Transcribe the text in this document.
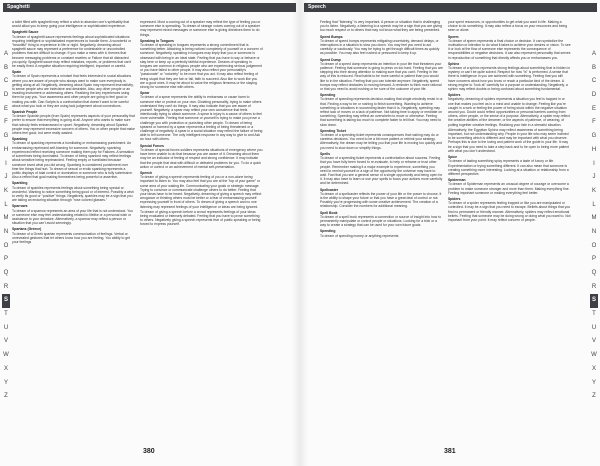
Spaghetti
a toilet filled with spaghetti may reflect a wish to abandon one's spirituality that would allow you to keep going your intelligence or sophisticated experience.
Spaghetti Sauce
To dream of spaghetti sauce represents feelings about sophisticated situations requiring intelligent or sophisticated experiences to handle them. A wonderful or "beautiful" thing to experience in life or night. Negatively, dreaming about spaghetti sauce may represent a preference for undesirable or uncontrolled problems that are difficult to change. If you make a mess with it, themes that become messaging problems or constant rewrites or Failure that sit distracted you quirly. Spaghetti sauce may reflect mistakes, reports, or problems that can't be easily fixed. A negative situation requiring intelligent, important or careful.
Spain
To dream of Spain represents a mindset that feels interested in social situations where you are aware of people who always want to make sure everybody is getting along at all. Negatively, dreaming about Spain may represent insensitivity, to sense people who are indecisive and desirable, Also, any other people or an invading instrument or addressing others. Realizing the key experiences using them for pay you. Your awareness and other people are going to feel good or making you with. Dan Scripts is a confrontation that doesn't want to be careful about what you look or they are using lack judgement about connections.
Spanish People
To dream Spanish people (from Spain) represents aspects of your personality that prefer to ensure that everything is going at all. Anyone who wants to make sure that nobody feels embarrassed or upset. Negatively, dreaming about Spanish people may represent excessive concern of others. You or other people that make others feel good, but were really wasted.
Spanking
To dream of spanking represents a humiliating or embarrassing punishment. An embarrassing reprimand self-blaming for someone. Negatively, spanking experienced reflect receiving someone making them pay for Failures. A sensation of sometimes being dominated. To dream of being spanked may reflect feelings about sensitive being reprimanded. Feeling empty or humiliated because someone loved what you did wrong. Spanking is considered punishment over time the things that hurt. To dream of sexual or erotic spanking represents a public displays of total control or domination or someone who is fully submissive. Also a reflect that goal making themselves being powerful or assertive.
Sparkling
To dream of sparkles represents feelings about something being special or wonderful. Wanting to notice something being good or of interest. Possibly a wish to verify its good or "positive" things. Negatively, sparkles may be a sign that you are taking an enduring situation through "rose colored glasses."
Sparrows
To dream of a sparrow represents an area of your life that is not understood. You or someone else may feel understanding related to lifelike or a personal wish or assistance to your denature. Alternatively, a sparrow may reflect a person or situation that you can't avoid seemingly.
Spartans (Greece)
To dream of a Greek spartan represents communication of feelings. Verbal or unrevealed gestures that let others know how you are feeling. You ability to get your feelings
expressed. Most a coming out of a speaker may reflect the type of feeling you or someone else is spreading. To dream of strange voices coming out of a speaker may represent mixed messages or someone else is giving directives them to do things.
Speaking In Tongues
To dream of speaking in tongues represents a strong commitment that is something better. Attaching is being noticed completely of yourself or a concern of someone. Negatively, speaking in tongues may imply that you or someone is obsessed with being in an ideal state. Feeling that you have to say or behave or stay here or keep up a perfectly faithful experience. Dreams of speaking in tongues are common in religious people who are experiencing serious judgement or you have failed to other people. It may also reflect your personality's "passionate" or "notoriety" to be more that you act. It may also reflect feeling of being stupid that they are fair or fail, faith to succeed. Also like to work like you are a good ones. It may be about to value the religious firmness or the staying strong for someone else with others.
Spear
To dream of a spear represents the ability to embarrass or cause harm to someone else or protect on your own. Dictating personality, trying to make others understand they can't do things. It may also indicate that you are aware of yourself. Negatively, a spear may reflect your own conscience that feels intentionally trying to attack someone. A spear is injury is a cause of others to feel more vulnerable. Feeling that someone or yourself is trying to make you prove a challenge you with protection or punishing other people. To dream of being speared or harmed by a spear represents a feeling of being threatened or a challenge of negativity. A spear in a social situation may reflect the failure of being able to tell someone. The only intelligent response in any way to give to and Ask an hour with others.
Special Forces
To dream of special forces soldiers represents situations of emergency where you have been unable to do that because you are aware of it. Dreaming about them may be an indicator of feeling of respect and strong confidence. It may indicate that the people that deal with difficult or defeated problems for you. To do a quick action or control or an achievement of mental self-presentation.
Speech
To dream of giving a speech represents feeling of you or a non-alone being important to listen to. You may also feel that you are at the "top of your game" or some area of your waking life. Communicating your goals or strategic message. Trying to convince or communicate challenge others to do better. Feeling that your ideas have to be heard. Negatively, dreaming of giving a speech may reflect arrogance or thinking others must be better or a fear of embarrassing yourself expressing yourself in front of others. To dream of giving a speech and no one listening may represent feelings of your intelligence or ideas are being ignored.
To dream of giving a speech before a crowd represents feelings of your ideas being evaluated or intensely debated. Feeling that you have to prove something to others. Negatively giving a speech represents fear of public speaking or being forced to express yourself.
A
B
C
D
E
F
G
H
I
J
K
L
M
N
O
P
Q
R
S
T
U
V
W
X
Y
Z
380
Speech
Feeling that "listening" is very important. A person or situation that is challenging you to listen. Negatively, a listening to a speech may be a sign that you are giving too much respect or to others that may not know what they are being presented.
Speed Bumps
To dream of speed bumps represents mitigating uncertainty, demand delays, or interruptions in a situation to slow you down. You may feel you need to act carefully or cautiously. You may be trying to get through difficult times as quickly as possible. You may also feel rushed or pressured to keep it up.
Speed Dump
To dream of a speed dump represents an intention in your life that threatens your patience. Feeling that someone is going to press on too hard. Feeling that you are stepping into their strong attention to making sure that you can't. Feeling in the way of this is reduced. Real habits to be more careful or patient than you would like to in the situation. Feeling that you can tolerate anymore. Negatively, speed bumps may reflect obstacles to moving forward. A reminder to think more rational or that you need to avoid rushing or be sure of the outcome of your life.
Speeding
To dream of speeding represents decision-making that single-mindedly resist in or that. Finding a way to be or rushing to finish something. Wanting to achieve something or situations in succeeding faster than it is. Negatively, speeding may reflect lack of moves or a lack of patience. Not taking time to apply or meditate on something. Speeding may reflect an overwhelm to move or otherwise. Feeling that something is taking too much to complete faster to tell that. You may need to slow down.
Speeding Ticket
To dream of a speeding ticket represents consequences that rushing may do or careless decisions. You need to be a bit more patient or rethink your strategy. Alternatively, the dream may be telling you that your life is moving too quickly and you need to slow down or simplify things.
Spells
To dream of a speeding ticket represents a confrontation about success. Feeling that you have fully been forced to re-evaluate, to help or reframe or trust other people. Remember making it a major example to experience, something you need to remind yourself or a sign of the opportunity the universe may have to wait. Fact that you see a general sense of a single opportunity and being open for it. It may also have to learn or use your spells to focus your actions more carefully and be determined.
Spellcaster
To dream of a spellcaster reflects the power of your life or the power to choose. It is the ability to shape your future or that you have a great deal of control or not. Possibly you're progressing with some creative achievement. The creation of a relationship. Consider the numbers for additional meaning.
Spell Book
To dream of a spell book represents a connection or source of insight into how to permanently manipulate or control people or situations. Looking for a trick or a way to create a strategy that can be used for your own future goals.
Spending
To dream of spending money or anything represents
your spent resources, or opportunities to get what you want in life. Making a choice to do something. It may also reflect a focus on your resources and being seen or alone.
Sperm
To dream of sperm represents a final choice or decision. It can symbolize the motivation or intention to do what it takes to achieve your desires or vision. To see it or look at the flow of someone else represents the consequence of responsibilities or negative decisions. It can also represent personality that serves in reproduction of something that directly affects you or embarrasses you.
Sphinx
To dream of a sphinx represents strong feelings about something that is hidden in mystery or can't be quite solved. Respect for how "is" is performed. A sense that there is intelligence in you are achieved with something. Feeling that you still have concerns about how you know or reach a particular kind of the dream. A strong engine to "look at" carefully for a purpose or understanding. Negatively, a sphinx may reflect doubts or being confused about something fundamental.
Spiders
Negatively, dreaming of spiders represents a situation you feel is trapped in or one that makes you feel as in a mind and unable to change. Feeling like you're caught in a web or feeling the power of being stuck within the negative situation around you. Doubt could reflect opportunities or personal barriers coming from others, other people, or the sense of a purpose. Alternatively, a spider may reflect the creative abilities of the dreamer, or the aspects of patience, of weaving, of putting together creative feelings. Realizing your fate in a stressful situation.
Alternatively, the Egyptian Sphinx may reflect awareness of something being important, but not understanding why. People in your life who may seem inclined to be something which is different and may be important with what you observe. Perhaps this is due to the loving and patient work of the guide in your life. It may be a sign that you need to take a step back and to be open to being more patient with what you don't understand.
Spice
To dream of tasting something spicy represents a taste of luxury or life. Experimentation or trying something different. It can also mean that someone is creating something more interesting. Looking at a situation or relationship from a different perspective.
Spiderman
To dream of Spiderman represents an unusual degree of courage or overcome a problem to make someone stronger and more than them. Making everything fine. Feeling important someone or making everything feel better.
Spiders
To dream of a spider represents feeling trapped or like you are manipulated or controlled. It may be a sign that you need to escape. Beliefs about things that you find no permanent or friendly manner. Alternatively, spiders may reflect emotional beliefs. Feeling that someone may be doing wrong or doing what you want to. Not important from your point. It may reflect concern of people.
A
B
C
D
E
F
G
H
I
J
K
L
M
N
O
P
Q
R
S
T
U
V
W
X
Y
Z
381
